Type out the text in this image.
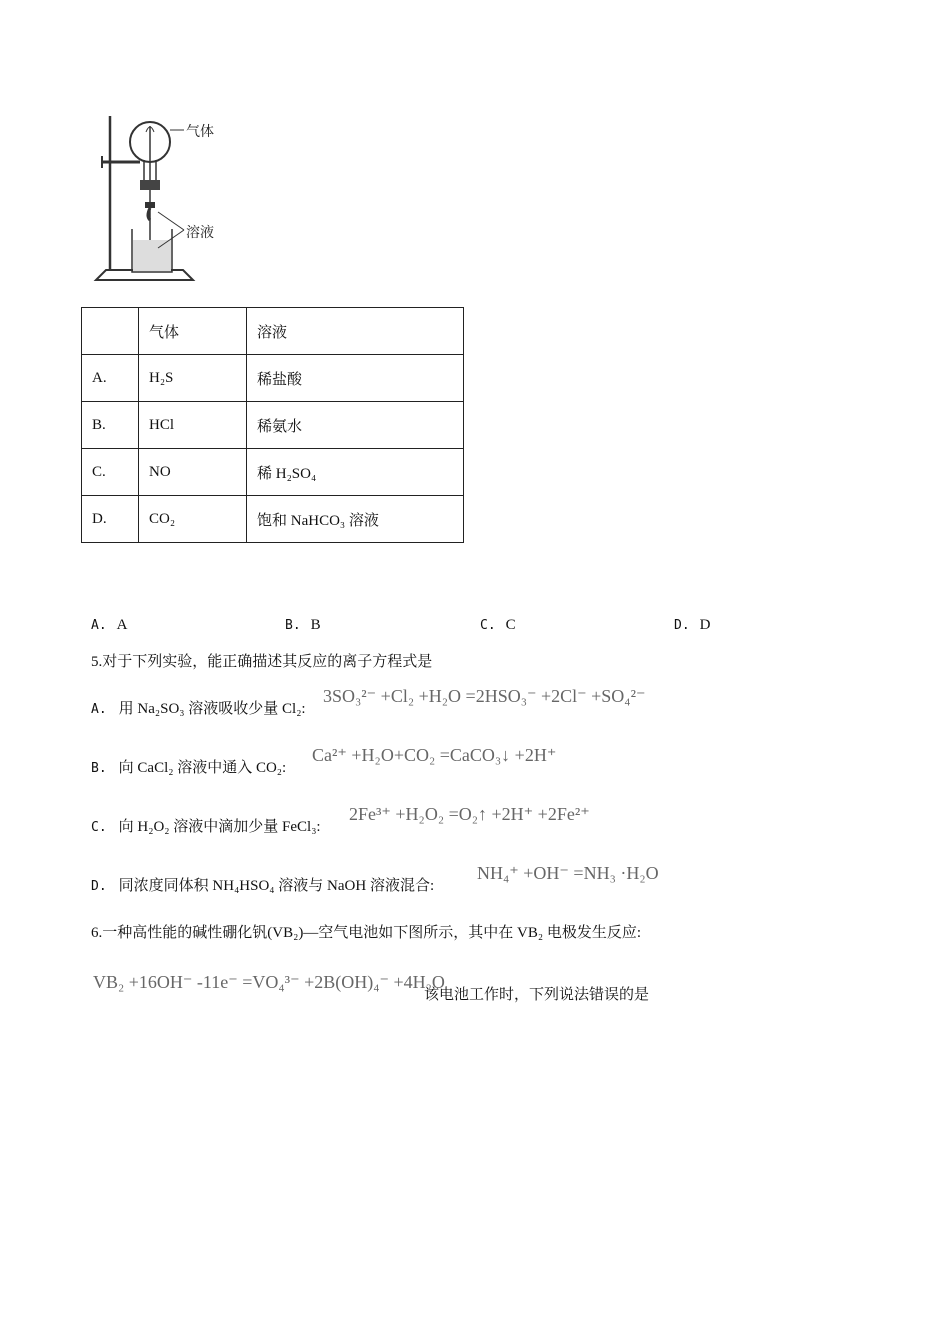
气体
溶液
	气体	溶液
A.	H₂S	稀盐酸
B.	HCl	稀氨水
C.	NO	稀 H₂SO₄
D.	CO₂	饱和 NaHCO₃ 溶液
A. A	B. B	C. C	D. D
5.对于下列实验，能正确描述其反应的离子方程式是
A. 用 Na₂SO₃ 溶液吸收少量 Cl₂:
3SO₃²⁻ +Cl₂ +H₂O =2HSO₃⁻ +2Cl⁻ +SO₄²⁻
B. 向 CaCl₂ 溶液中通入 CO₂:
Ca²⁺ +H₂O+CO₂ =CaCO₃↓ +2H⁺
C. 向 H₂O₂ 溶液中滴加少量 FeCl₃:
2Fe³⁺ +H₂O₂ =O₂↑ +2H⁺ +2Fe²⁺
D. 同浓度同体积 NH₄HSO₄ 溶液与 NaOH 溶液混合:
NH₄⁺ +OH⁻ =NH₃ ·H₂O
6.一种高性能的碱性硼化钒(VB₂)—空气电池如下图所示，其中在 VB₂ 电极发生反应:
VB₂ +16OH⁻ -11e⁻ =VO₄³⁻ +2B(OH)₄⁻ +4H₂O
该电池工作时，下列说法错误的是
